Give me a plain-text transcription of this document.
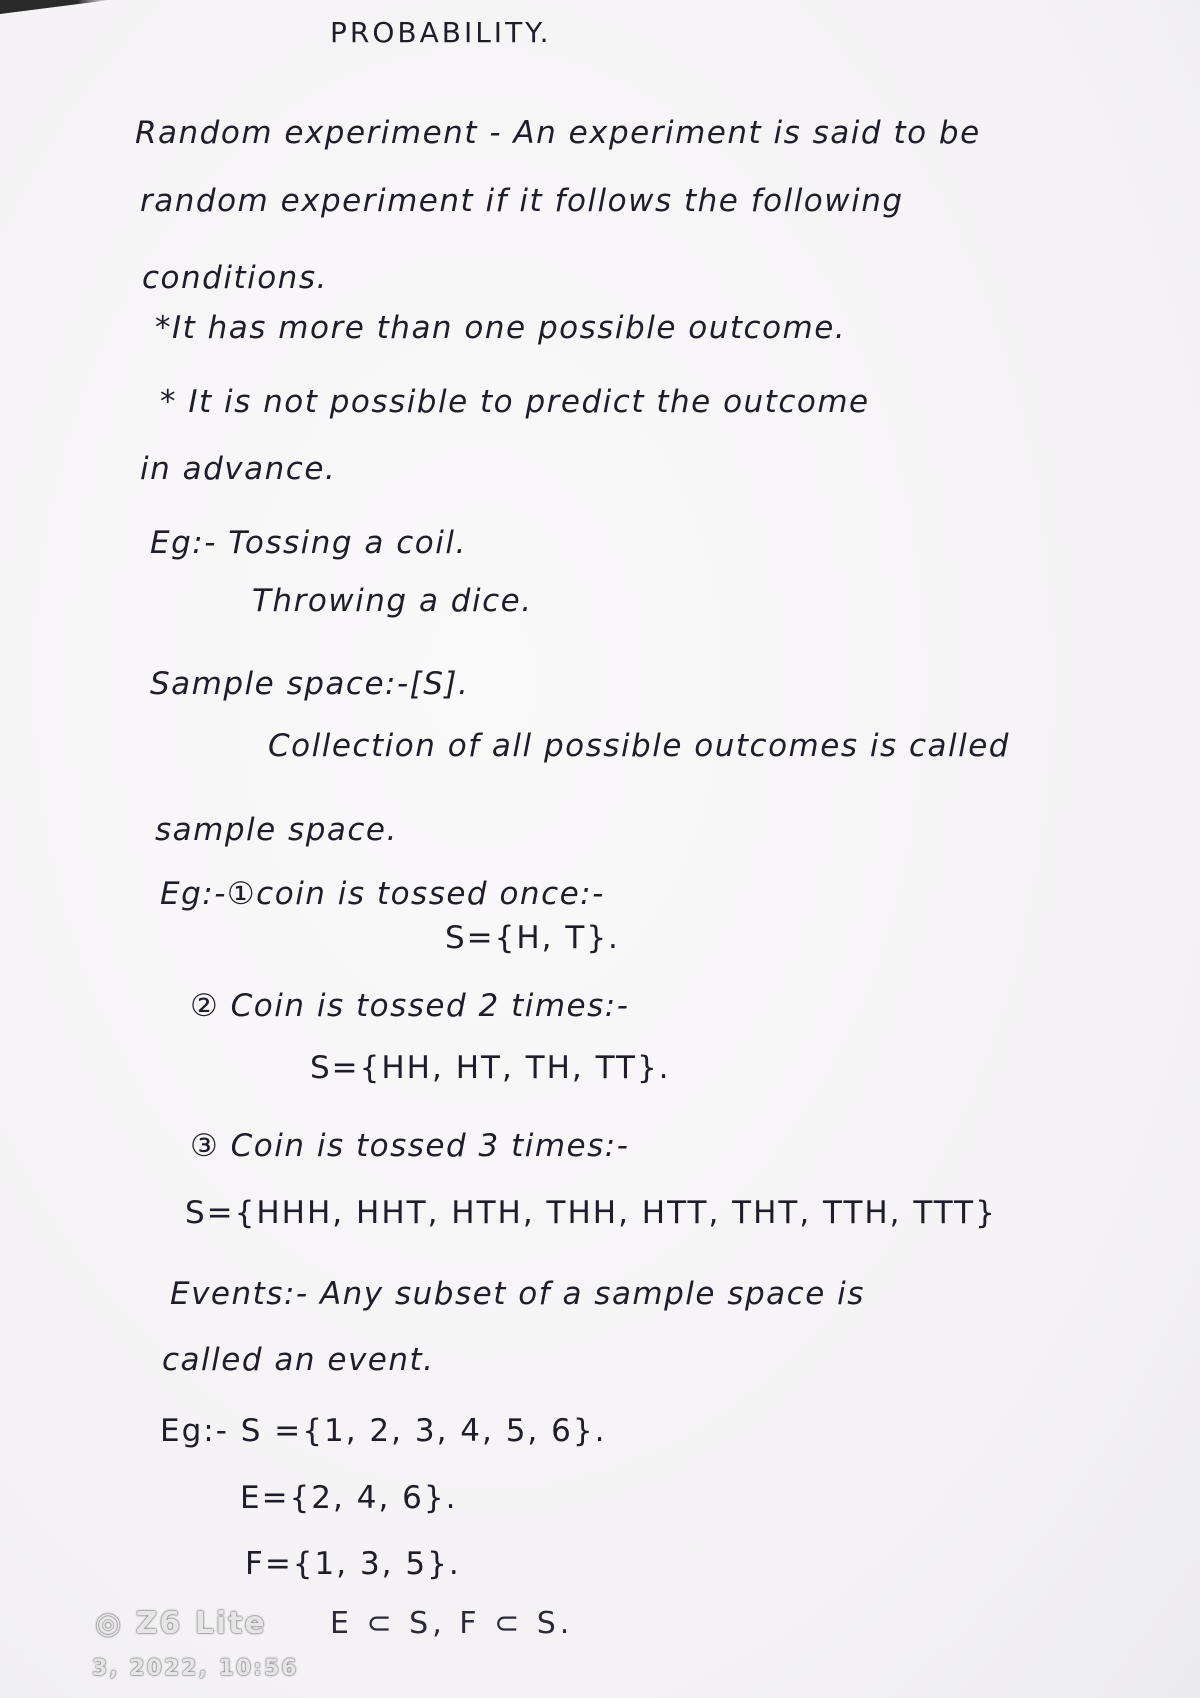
PROBABILITY.
Random experiment - An experiment is said to be
random experiment if it follows the following
conditions.
*It has more than one possible outcome.
* It is not possible to predict the outcome
in advance.
Eg:- Tossing a coil.
Throwing a dice.
Sample space:-[S].
Collection of all possible outcomes is called
sample space.
Eg:-①coin is tossed once:-
S={H, T}.
② Coin is tossed 2 times:-
S={HH, HT, TH, TT}.
③ Coin is tossed 3 times:-
S={HHH, HHT, HTH, THH, HTT, THT, TTH, TTT}
Events:- Any subset of a sample space is
called an event.
Eg:- S ={1, 2, 3, 4, 5, 6}.
E={2, 4, 6}.
F={1, 3, 5}.
◎ Z6 Lite E ⊂ S, F ⊂ S.
3, 2022, 10:56
